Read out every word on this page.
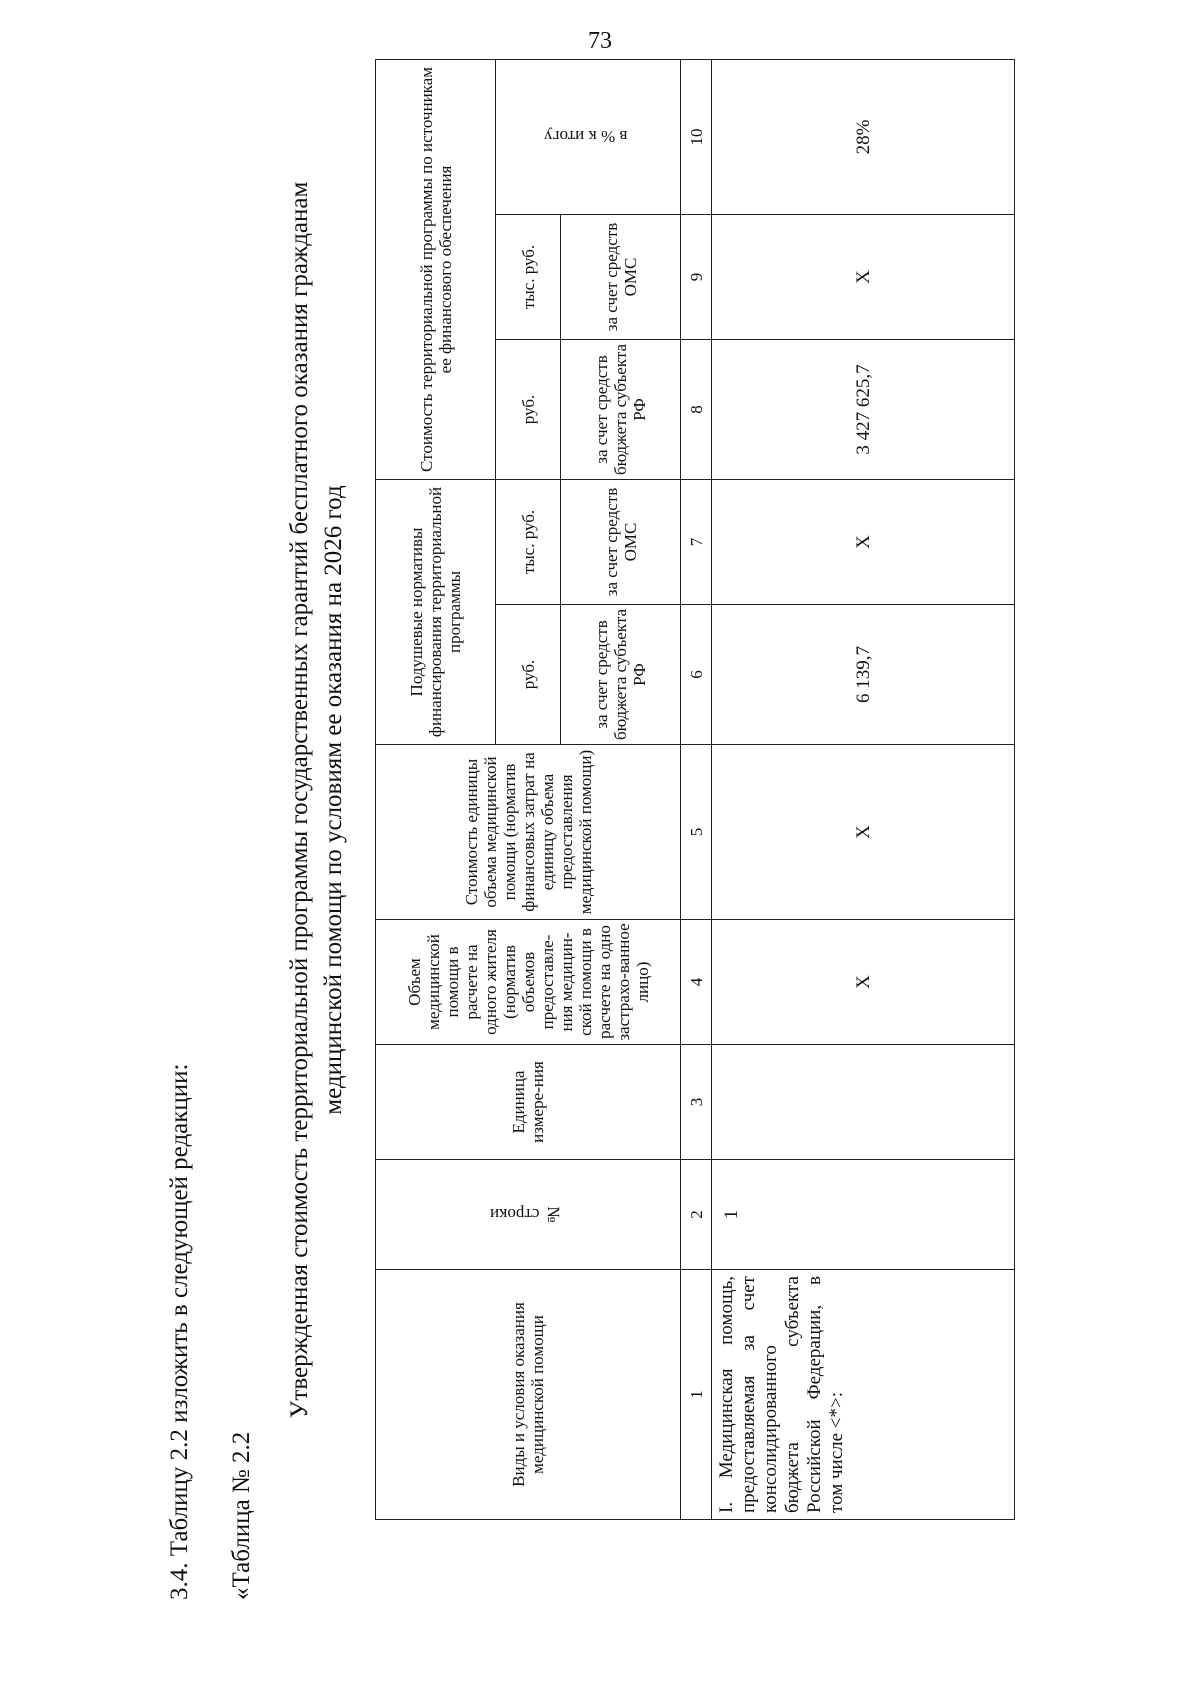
73
3.4. Таблицу 2.2 изложить в следующей редакции: «Таблица № 2.2
Утвержденная стоимость территориальной программы государственных гарантий бесплатного оказания гражданам медицинской помощи по условиям ее оказания на 2026 год
Виды и условия оказания медицинской помощи	№ строки	Единица измере-ния	Объем медицинской помощи в расчете на одного жителя (норматив объемов предоставле-ния медицин-ской помощи в расчете на одно застрахо-ванное лицо)	Стоимость единицы объема медицинской помощи (норматив финансовых затрат на единицу объема предоставления медицинской помощи)	Подушевые нормативы финансирования территориальной программы		Стоимость территориальной программы по источникам ее финансового обеспечения		
					руб.	тыс. руб.	руб.	тыс. руб.	в % к итогу
					за счет средств бюджета субъекта РФ	за счет средств ОМС	за счет средств бюджета субъекта РФ	за счет средств ОМС	
1	2	3	4	5	6	7	8	9	10
I. Медицинская помощь, предоставляемая за счет консолидированного бюджета субъекта Российской Федерации, в том числе <*>:	1		X	X	6 139,7	X	3 427 625,7	X	28%
